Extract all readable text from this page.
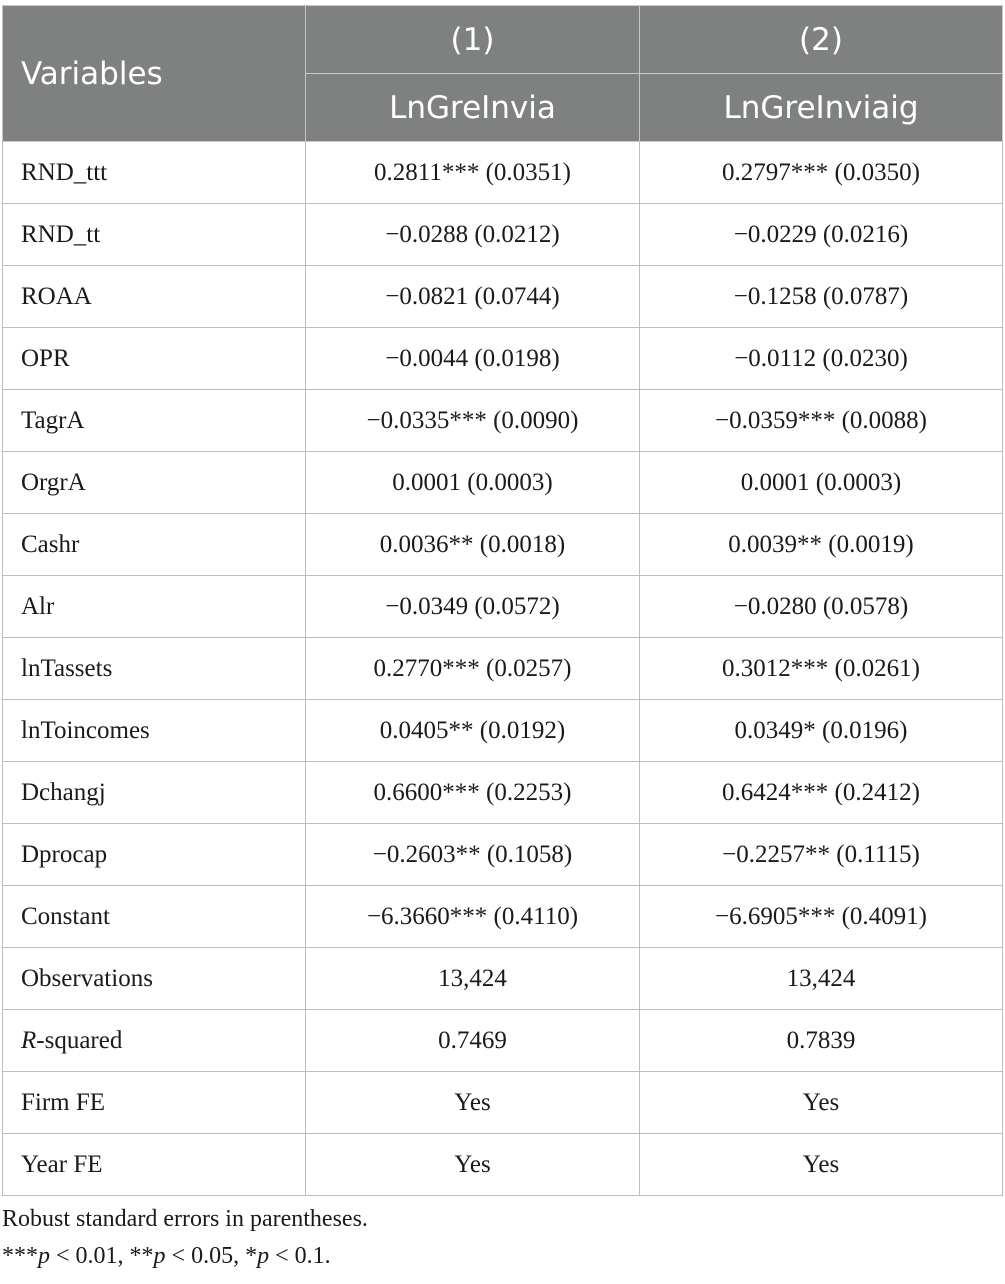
Variables	(1)	(2)
	LnGreInvia	LnGreInviaig
RND_ttt	0.2811*** (0.0351)	0.2797*** (0.0350)
RND_tt	−0.0288 (0.0212)	−0.0229 (0.0216)
ROAA	−0.0821 (0.0744)	−0.1258 (0.0787)
OPR	−0.0044 (0.0198)	−0.0112 (0.0230)
TagrA	−0.0335*** (0.0090)	−0.0359*** (0.0088)
OrgrA	0.0001 (0.0003)	0.0001 (0.0003)
Cashr	0.0036** (0.0018)	0.0039** (0.0019)
Alr	−0.0349 (0.0572)	−0.0280 (0.0578)
lnTassets	0.2770*** (0.0257)	0.3012*** (0.0261)
lnToincomes	0.0405** (0.0192)	0.0349* (0.0196)
Dchangj	0.6600*** (0.2253)	0.6424*** (0.2412)
Dprocap	−0.2603** (0.1058)	−0.2257** (0.1115)
Constant	−6.3660*** (0.4110)	−6.6905*** (0.4091)
Observations	13,424	13,424
R-squared	0.7469	0.7839
Firm FE	Yes	Yes
Year FE	Yes	Yes
Robust standard errors in parentheses.
***p < 0.01, **p < 0.05, *p < 0.1.
